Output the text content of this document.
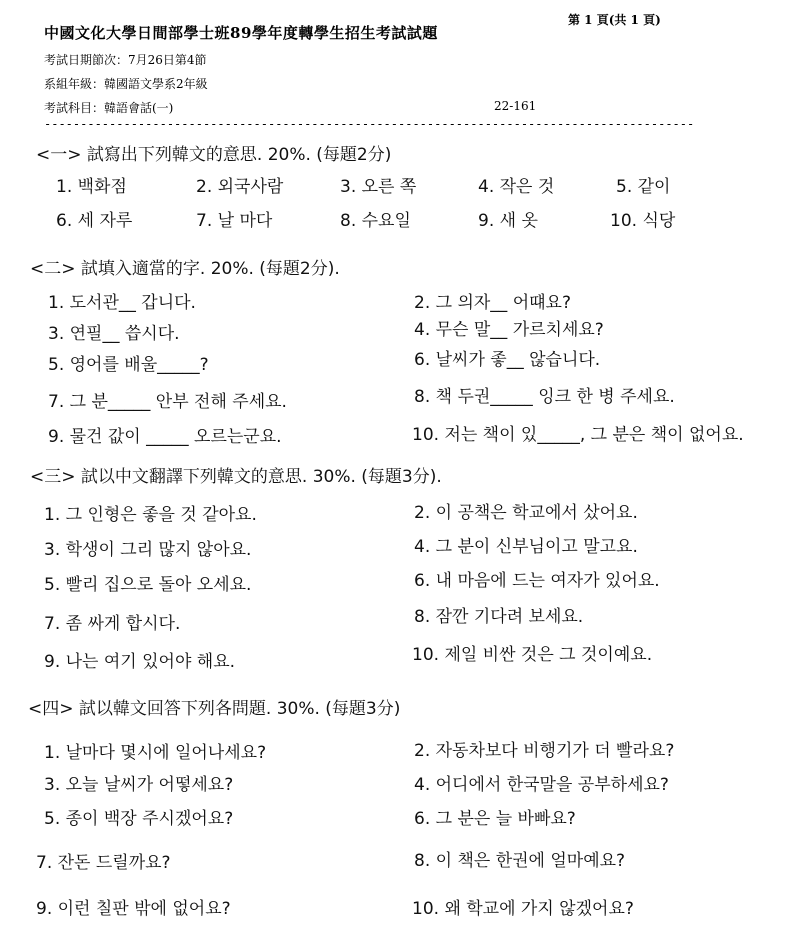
中國文化大學日間部學士班89學年度轉學生招生考試試題
第 1 頁(共 1 頁)
考試日期節次：7月26日第4節
系組年級：韓國語文學系2年級
考試科目：韓語會話(一)	22-161
------------------------------------------------------------------------------------------
<一> 試寫出下列韓文的意思. 20%. (每題2分)
1. 백화점	2. 외국사람	3. 오른 쪽	4. 작은 것	5. 같이
6. 세 자루	7. 날 마다	8. 수요일	9. 새 옷	10. 식당
<二> 試填入適當的字. 20%. (每題2分).
1. 도서관__ 갑니다.	2. 그 의자__ 어떄요?
3. 연필__ 씁시다.	4. 무슨 말__ 가르치세요?
5. 영어를 배울_____?	6. 날씨가 좋__ 않습니다.
7. 그 분_____ 안부 전해 주세요.	8. 책 두권_____ 잉크 한 병 주세요.
9. 물건 값이 _____ 오르는군요.	10. 저는 책이 있_____, 그 분은 책이 없어요.
<三> 試以中文翻譯下列韓文的意思. 30%. (每題3分).
1. 그 인형은 좋을 것 같아요.	2. 이 공책은 학교에서 샀어요.
3. 학생이 그리 많지 않아요.	4. 그 분이 신부님이고 말고요.
5. 빨리 집으로 돌아 오세요.	6. 내 마음에 드는 여자가 있어요.
7. 좀 싸게 합시다.	8. 잠깐 기다려 보세요.
9. 나는 여기 있어야 해요.	10. 제일 비싼 것은 그 것이예요.
<四> 試以韓文回答下列各問題. 30%. (每題3分)
1. 날마다 몇시에 일어나세요?	2. 자동차보다 비행기가 더 빨라요?
3. 오늘 날씨가 어떻세요?	4. 어디에서 한국말을 공부하세요?
5. 종이 백장 주시겠어요?	6. 그 분은 늘 바빠요?
7. 잔돈 드릴까요?	8. 이 책은 한권에 얼마예요?
9. 이런 칠판 밖에 없어요?	10. 왜 학교에 가지 않겠어요?
